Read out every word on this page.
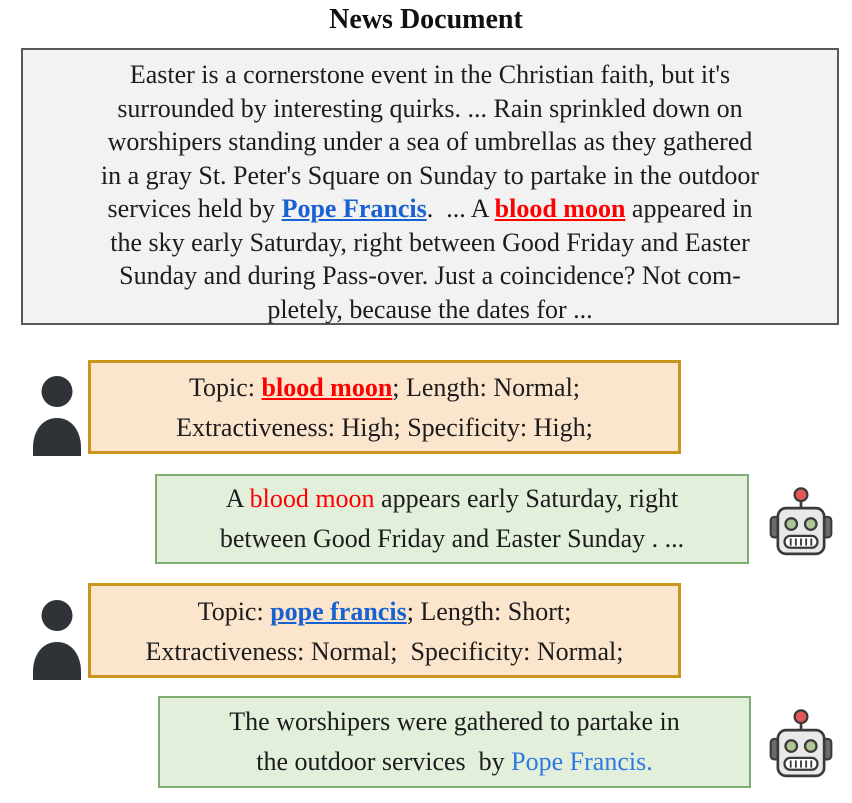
News Document
Easter is a cornerstone event in the Christian faith, but it's
surrounded by interesting quirks. ... Rain sprinkled down on
worshipers standing under a sea of umbrellas as they gathered
in a gray St. Peter's Square on Sunday to partake in the outdoor
services held by Pope Francis.  ... A blood moon appeared in
the sky early Saturday, right between Good Friday and Easter
Sunday and during Pass-over. Just a coincidence? Not com-
pletely, because the dates for ...
Topic: blood moon; Length: Normal;
Extractiveness: High; Specificity: High;
A blood moon appears early Saturday, right
between Good Friday and Easter Sunday . ...
Topic: pope francis; Length: Short;
Extractiveness: Normal;  Specificity: Normal;
The worshipers were gathered to partake in
the outdoor services  by Pope Francis.
